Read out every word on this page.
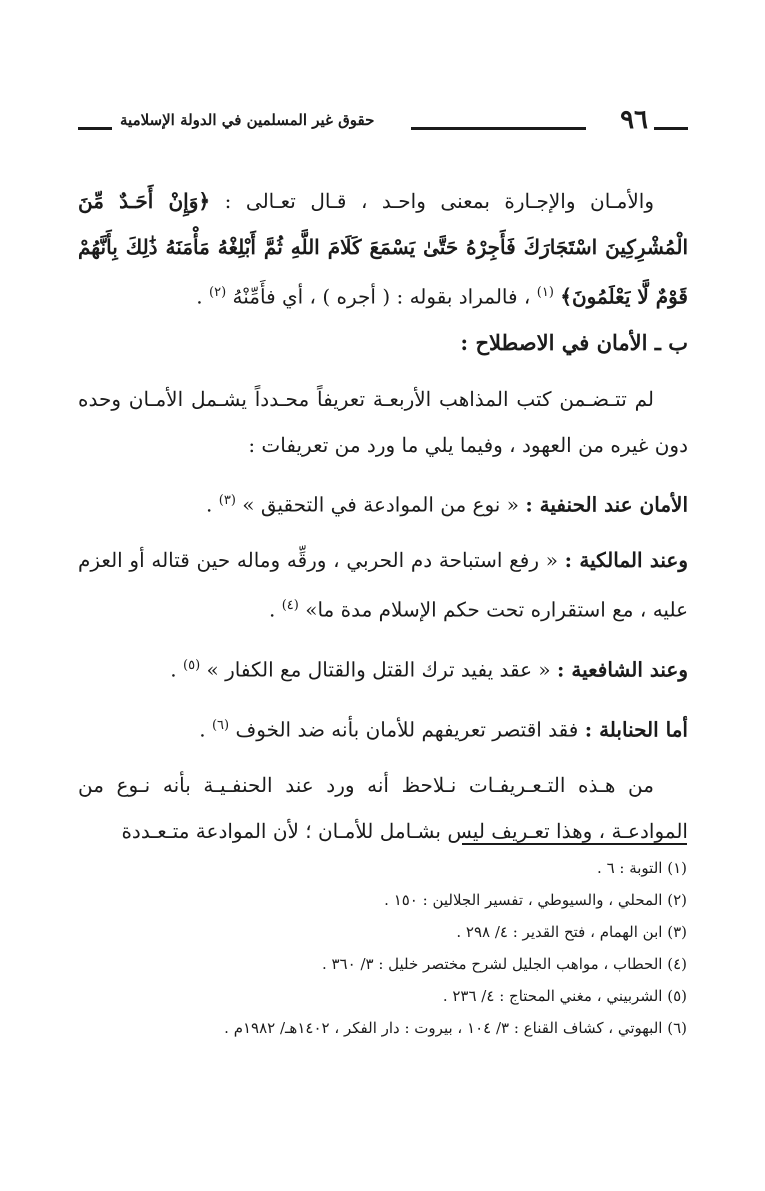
٩٦
حقوق غير المسلمين في الدولة الإسلامية

والأمـان والإجـارة بمعنى واحـد ، قـال تعـالى : ﴿وَإِنْ أَحَـدٌ مِّنَ الْمُشْرِكِينَ اسْتَجَارَكَ فَأَجِرْهُ حَتَّىٰ يَسْمَعَ كَلَامَ اللَّهِ ثُمَّ أَبْلِغْهُ مَأْمَنَهُ ذَٰلِكَ بِأَنَّهُمْ قَوْمٌ لَّا يَعْلَمُونَ﴾ $^{(١)}$ ، فالمراد بقوله : ( أجره ) ، أي فأَمِّنْهُ $^{(٢)}$ .

ب ـ الأمان في الاصطلاح :

لم تتـضـمن كتب المذاهب الأربعـة تعريفاً محـدداً يشـمل الأمـان وحده دون غيره من العهود ، وفيما يلي ما ورد من تعريفات :

الأمان عند الحنفية : « نوع من الموادعة في التحقيق » $^{(٣)}$ .

وعند المالكية : « رفع استباحة دم الحربي ، ورقِّه وماله حين قتاله أو العزم عليه ، مع استقراره تحت حكم الإسلام مدة ما» $^{(٤)}$ .

وعند الشافعية : « عقد يفيد ترك القتل والقتال مع الكفار » $^{(٥)}$ .

أما الحنابلة : فقد اقتصر تعريفهم للأمان بأنه ضد الخوف $^{(٦)}$ .

من هـذه التـعـريفـات نـلاحظ أنه ورد عند الحنفـيـة بأنه نـوع من الموادعـة ، وهذا تعـريف ليس بشـامل للأمـان ؛ لأن الموادعة متـعـددة

(١) التوبة : ٦ .

(٢) المحلي ، والسيوطي ، تفسير الجلالين : ١٥٠ .

(٣) ابن الهمام ، فتح القدير : ٤/ ٢٩٨ .

(٤) الحطاب ، مواهب الجليل لشرح مختصر خليل : ٣/ ٣٦٠ .

(٥) الشربيني ، مغني المحتاج : ٤/ ٢٣٦ .

(٦) البهوتي ، كشاف القناع : ٣/ ١٠٤ ، بيروت : دار الفكر ، ١٤٠٢هـ/ ١٩٨٢م .
